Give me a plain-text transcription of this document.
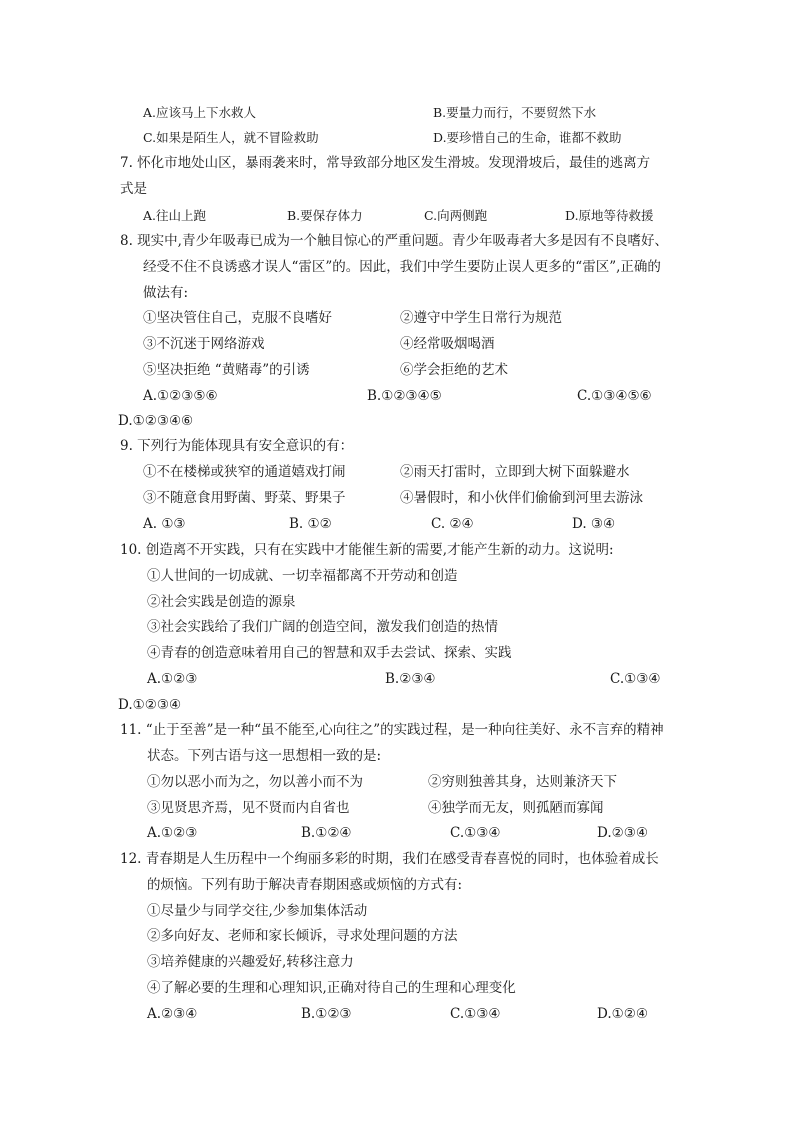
A.应该马上下水救人	B.要量力而行，不要贸然下水
C.如果是陌生人，就不冒险救助	D.要珍惜自己的生命，谁都不救助
7. 怀化市地处山区，暴雨袭来时，常导致部分地区发生滑坡。发现滑坡后，最佳的逃离方
式是
A.往山上跑	B.要保存体力	C.向两侧跑	D.原地等待救援
8. 现实中,青少年吸毒已成为一个触目惊心的严重问题。青少年吸毒者大多是因有不良嗜好、
经受不住不良诱惑才误人“雷区”的。因此，我们中学生要防止误人更多的“雷区”,正确的
做法有:
①坚决管住自己，克服不良嗜好	②遵守中学生日常行为规范
③不沉迷于网络游戏	④经常吸烟喝酒
⑤坚决拒绝 “黄赌毒”的引诱	⑥学会拒绝的艺术
A.①②③⑤⑥	B.①②③④⑤	C.①③④⑤⑥
D.①②③④⑥
9. 下列行为能体现具有安全意识的有：
①不在楼梯或狭窄的通道嬉戏打闹	②雨天打雷时，立即到大树下面躲避水
③不随意食用野菌、野菜、野果子	④暑假时，和小伙伴们偷偷到河里去游泳
A. ①③	B. ①②	C. ②④	D. ③④
10. 创造离不开实践，只有在实践中才能催生新的需要,才能产生新的动力。这说明:
①人世间的一切成就、一切幸福都离不开劳动和创造
②社会实践是创造的源泉
③社会实践给了我们广阔的创造空间，激发我们创造的热情
④青春的创造意味着用自己的智慧和双手去尝试、探索、实践
A.①②③	B.②③④	C.①③④
D.①②③④
11. “止于至善”是一种“虽不能至,心向往之”的实践过程，是一种向往美好、永不言弃的精神
状态。下列古语与这一思想相一致的是:
①勿以恶小而为之，勿以善小而不为	②穷则独善其身，达则兼济天下
③见贤思齐焉，见不贤而内自省也	④独学而无友，则孤陋而寡闻
A.①②③	B.①②④	C.①③④	D.②③④
12. 青春期是人生历程中一个绚丽多彩的时期，我们在感受青春喜悦的同时，也体验着成长
的烦恼。下列有助于解决青春期困惑或烦恼的方式有:
①尽量少与同学交往,少参加集体活动
②多向好友、老师和家长倾诉，寻求处理问题的方法
③培养健康的兴趣爱好,转移注意力
④了解必要的生理和心理知识,正确对待自己的生理和心理变化
A.②③④	B.①②③	C.①③④	D.①②④
